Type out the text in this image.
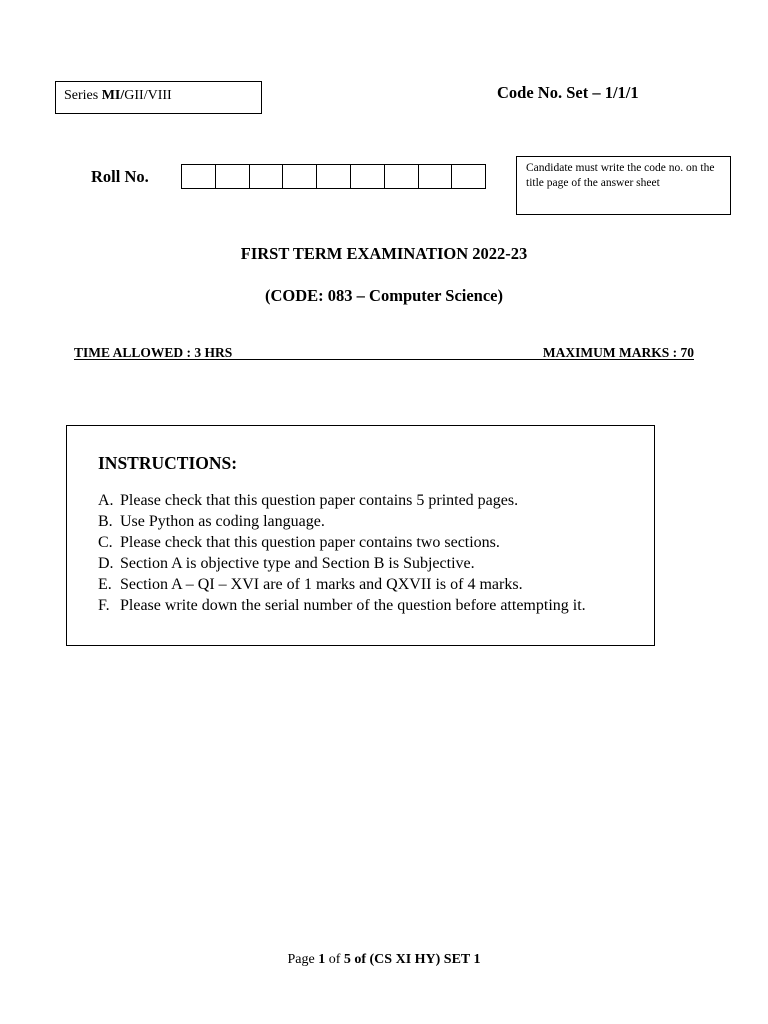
Series MI/GII/VIII	Code No. Set – 1/1/1
Roll No.	Candidate must write the code no. on the title page of the answer sheet
FIRST TERM EXAMINATION 2022-23
(CODE: 083 – Computer Science)
TIME ALLOWED : 3 HRS	MAXIMUM MARKS : 70
INSTRUCTIONS:
A. Please check that this question paper contains 5 printed pages.
B. Use Python as coding language.
C. Please check that this question paper contains two sections.
D. Section A is objective type and Section B is Subjective.
E. Section A – QI – XVI are of 1 marks and QXVII is of 4 marks.
F. Please write down the serial number of the question before attempting it.
Page 1 of 5 of (CS XI HY) SET 1
